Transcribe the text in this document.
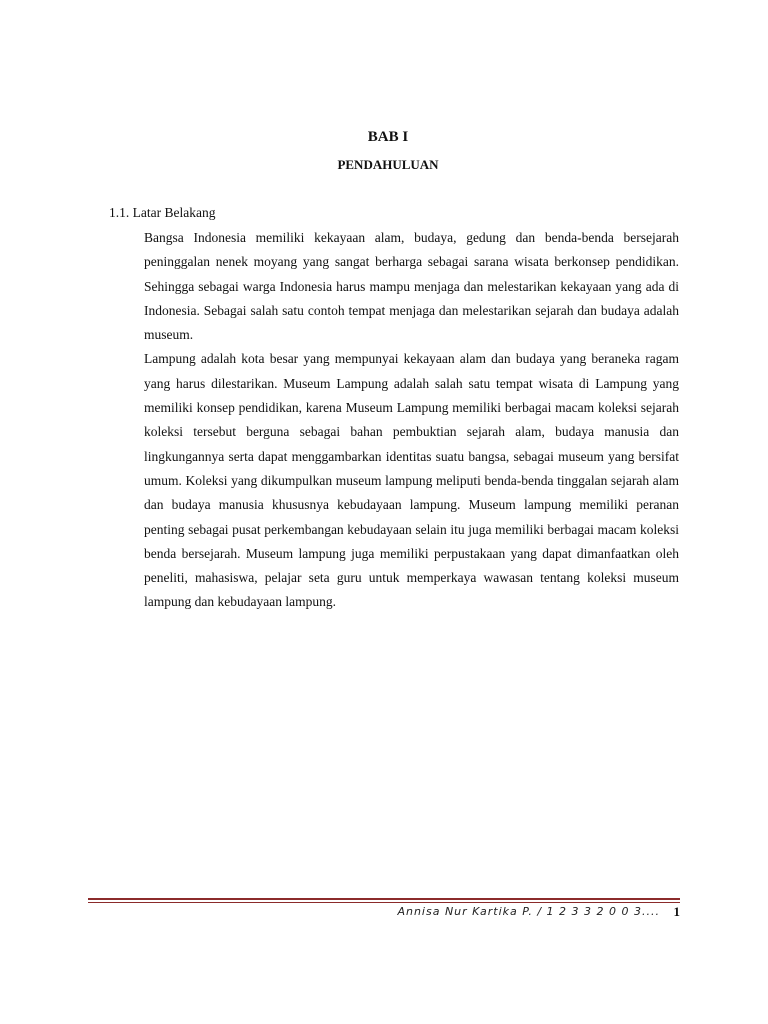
BAB I
PENDAHULUAN
1.1. Latar Belakang

Bangsa Indonesia memiliki kekayaan alam, budaya, gedung dan benda-benda bersejarah peninggalan nenek moyang yang sangat berharga sebagai sarana wisata berkonsep pendidikan. Sehingga sebagai warga Indonesia harus mampu menjaga dan melestarikan kekayaan yang ada di Indonesia. Sebagai salah satu contoh tempat menjaga dan melestarikan sejarah dan budaya adalah museum.

Lampung adalah kota besar yang mempunyai kekayaan alam dan budaya yang beraneka ragam yang harus dilestarikan. Museum Lampung adalah salah satu tempat wisata di Lampung yang memiliki konsep pendidikan, karena Museum Lampung memiliki berbagai macam koleksi sejarah koleksi tersebut berguna sebagai bahan pembuktian sejarah alam, budaya manusia dan lingkungannya serta dapat menggambarkan identitas suatu bangsa, sebagai museum yang bersifat umum. Koleksi yang dikumpulkan museum lampung meliputi benda-benda tinggalan sejarah alam dan budaya manusia khususnya kebudayaan lampung. Museum lampung memiliki peranan penting sebagai pusat perkembangan kebudayaan selain itu juga memiliki berbagai macam koleksi benda bersejarah. Museum lampung juga memiliki perpustakaan yang dapat dimanfaatkan oleh peneliti, mahasiswa, pelajar seta guru untuk memperkaya wawasan tentang koleksi museum lampung dan kebudayaan lampung.

Annisa Nur Kartika P. / 1 2 3 3 2 0 0 3....	1
